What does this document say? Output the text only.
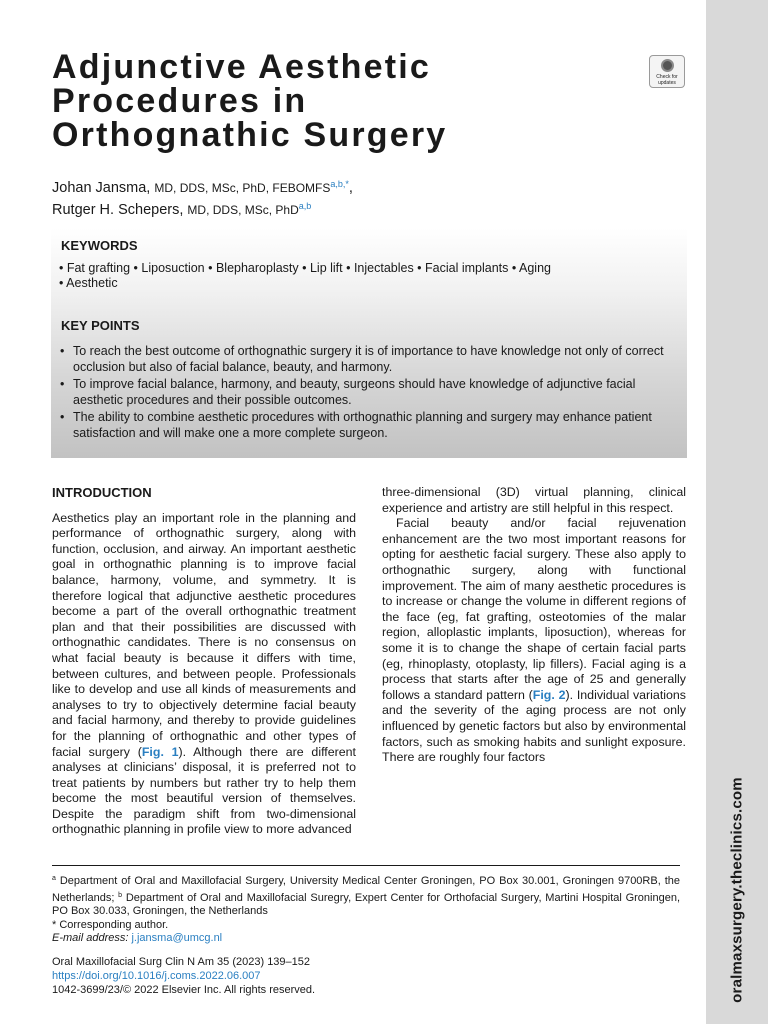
oralmaxsurgery.theclinics.com
Adjunctive Aesthetic
Procedures in
Orthognathic Surgery
Check for
updates
Johan Jansma, MD, DDS, MSc, PhD, $FEBOMFS^{a,b,*}$,
Rutger H. Schepers, MD, DDS, MSc, PhD$^{a,b}$
KEYWORDS
• Fat grafting • Liposuction • Blepharoplasty • Lip lift • Injectables • Facial implants • Aging
• Aesthetic
KEY POINTS
• To reach the best outcome of orthognathic surgery it is of importance to have knowledge not only of correct occlusion but also of facial balance, beauty, and harmony.
• To improve facial balance, harmony, and beauty, surgeons should have knowledge of adjunctive facial aesthetic procedures and their possible outcomes.
• The ability to combine aesthetic procedures with orthognathic planning and surgery may enhance patient satisfaction and will make one a more complete surgeon.
INTRODUCTION

Aesthetics play an important role in the planning and performance of orthognathic surgery, along with function, occlusion, and airway. An important aesthetic goal in orthognathic planning is to improve facial balance, harmony, volume, and symmetry. It is therefore logical that adjunctive aesthetic procedures become a part of the overall orthognathic treatment plan and that their possibilities are discussed with orthognathic candidates. There is no consensus on what facial beauty is because it differs with time, between cultures, and between people. Professionals like to develop and use all kinds of measurements and analyses to try to objectively determine facial beauty and facial harmony, and thereby to provide guidelines for the planning of orthognathic and other types of facial surgery (Fig. 1). Although there are different analyses at clinicians’ disposal, it is preferred not to treat patients by numbers but rather try to help them become the most beautiful version of themselves. Despite the paradigm shift from two-dimensional orthognathic planning in profile view to more advanced

three-dimensional (3D) virtual planning, clinical experience and artistry are still helpful in this respect.

Facial beauty and/or facial rejuvenation enhancement are the two most important reasons for opting for aesthetic facial surgery. These also apply to orthognathic surgery, along with functional improvement. The aim of many aesthetic procedures is to increase or change the volume in different regions of the face (eg, fat grafting, osteotomies of the malar region, alloplastic implants, liposuction), whereas for some it is to change the shape of certain facial parts (eg, rhinoplasty, otoplasty, lip fillers). Facial aging is a process that starts after the age of 25 and generally follows a standard pattern (Fig. 2). Individual variations and the severity of the aging process are not only influenced by genetic factors but also by environmental factors, such as smoking habits and sunlight exposure. There are roughly four factors

$^a$ Department of Oral and Maxillofacial Surgery, University Medical Center Groningen, PO Box 30.001, Groningen 9700RB, the Netherlands; $^b$ Department of Oral and Maxillofacial Suregry, Expert Center for Orthofacial Surgery, Martini Hospital Groningen, PO Box 30.033, Groningen, the Netherlands
* Corresponding author.
E-mail address: j.jansma@umcg.nl
Oral Maxillofacial Surg Clin N Am 35 (2023) 139–152
https://doi.org/10.1016/j.coms.2022.06.007
1042-3699/23/© 2022 Elsevier Inc. All rights reserved.
